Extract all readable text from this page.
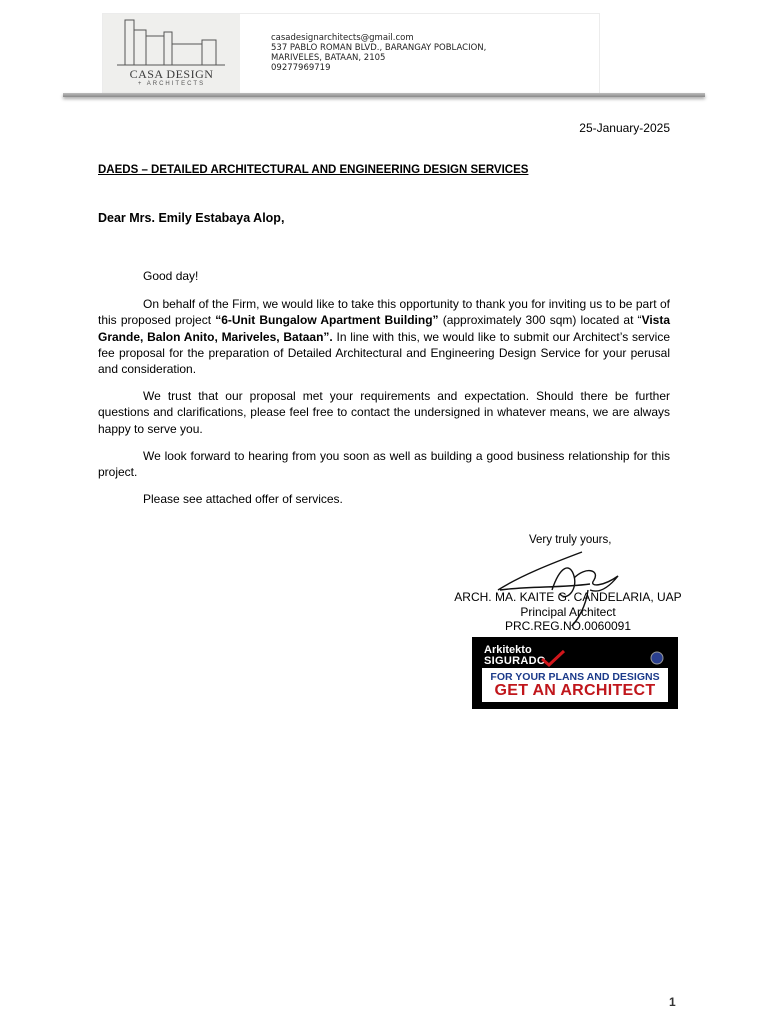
CASA DESIGN
+ ARCHITECTS
casadesignarchitects@gmail.com
537 PABLO ROMAN BLVD., BARANGAY POBLACION,
MARIVELES, BATAAN, 2105
09277969719
25-January-2025
DAEDS – DETAILED ARCHITECTURAL AND ENGINEERING DESIGN SERVICES
Dear Mrs. Emily Estabaya Alop,

Good day!

On behalf of the Firm, we would like to take this opportunity to thank you for inviting us to be part of this proposed project “6-Unit Bungalow Apartment Building” (approximately 300 sqm) located at “Vista Grande, Balon Anito, Mariveles, Bataan”. In line with this, we would like to submit our Architect’s service fee proposal for the preparation of Detailed Architectural and Engineering Design Service for your perusal and consideration.

We trust that our proposal met your requirements and expectation. Should there be further questions and clarifications, please feel free to contact the undersigned in whatever means, we are always happy to serve you.

We look forward to hearing from you soon as well as building a good business relationship for this project.

Please see attached offer of services.

Very truly yours,
ARCH. MA. KAITE G. CANDELARIA, UAP
Principal Architect
PRC.REG.NO.0060091
Arkitekto
SIGURADO
FOR YOUR PLANS AND DESIGNS
GET AN ARCHITECT
1
